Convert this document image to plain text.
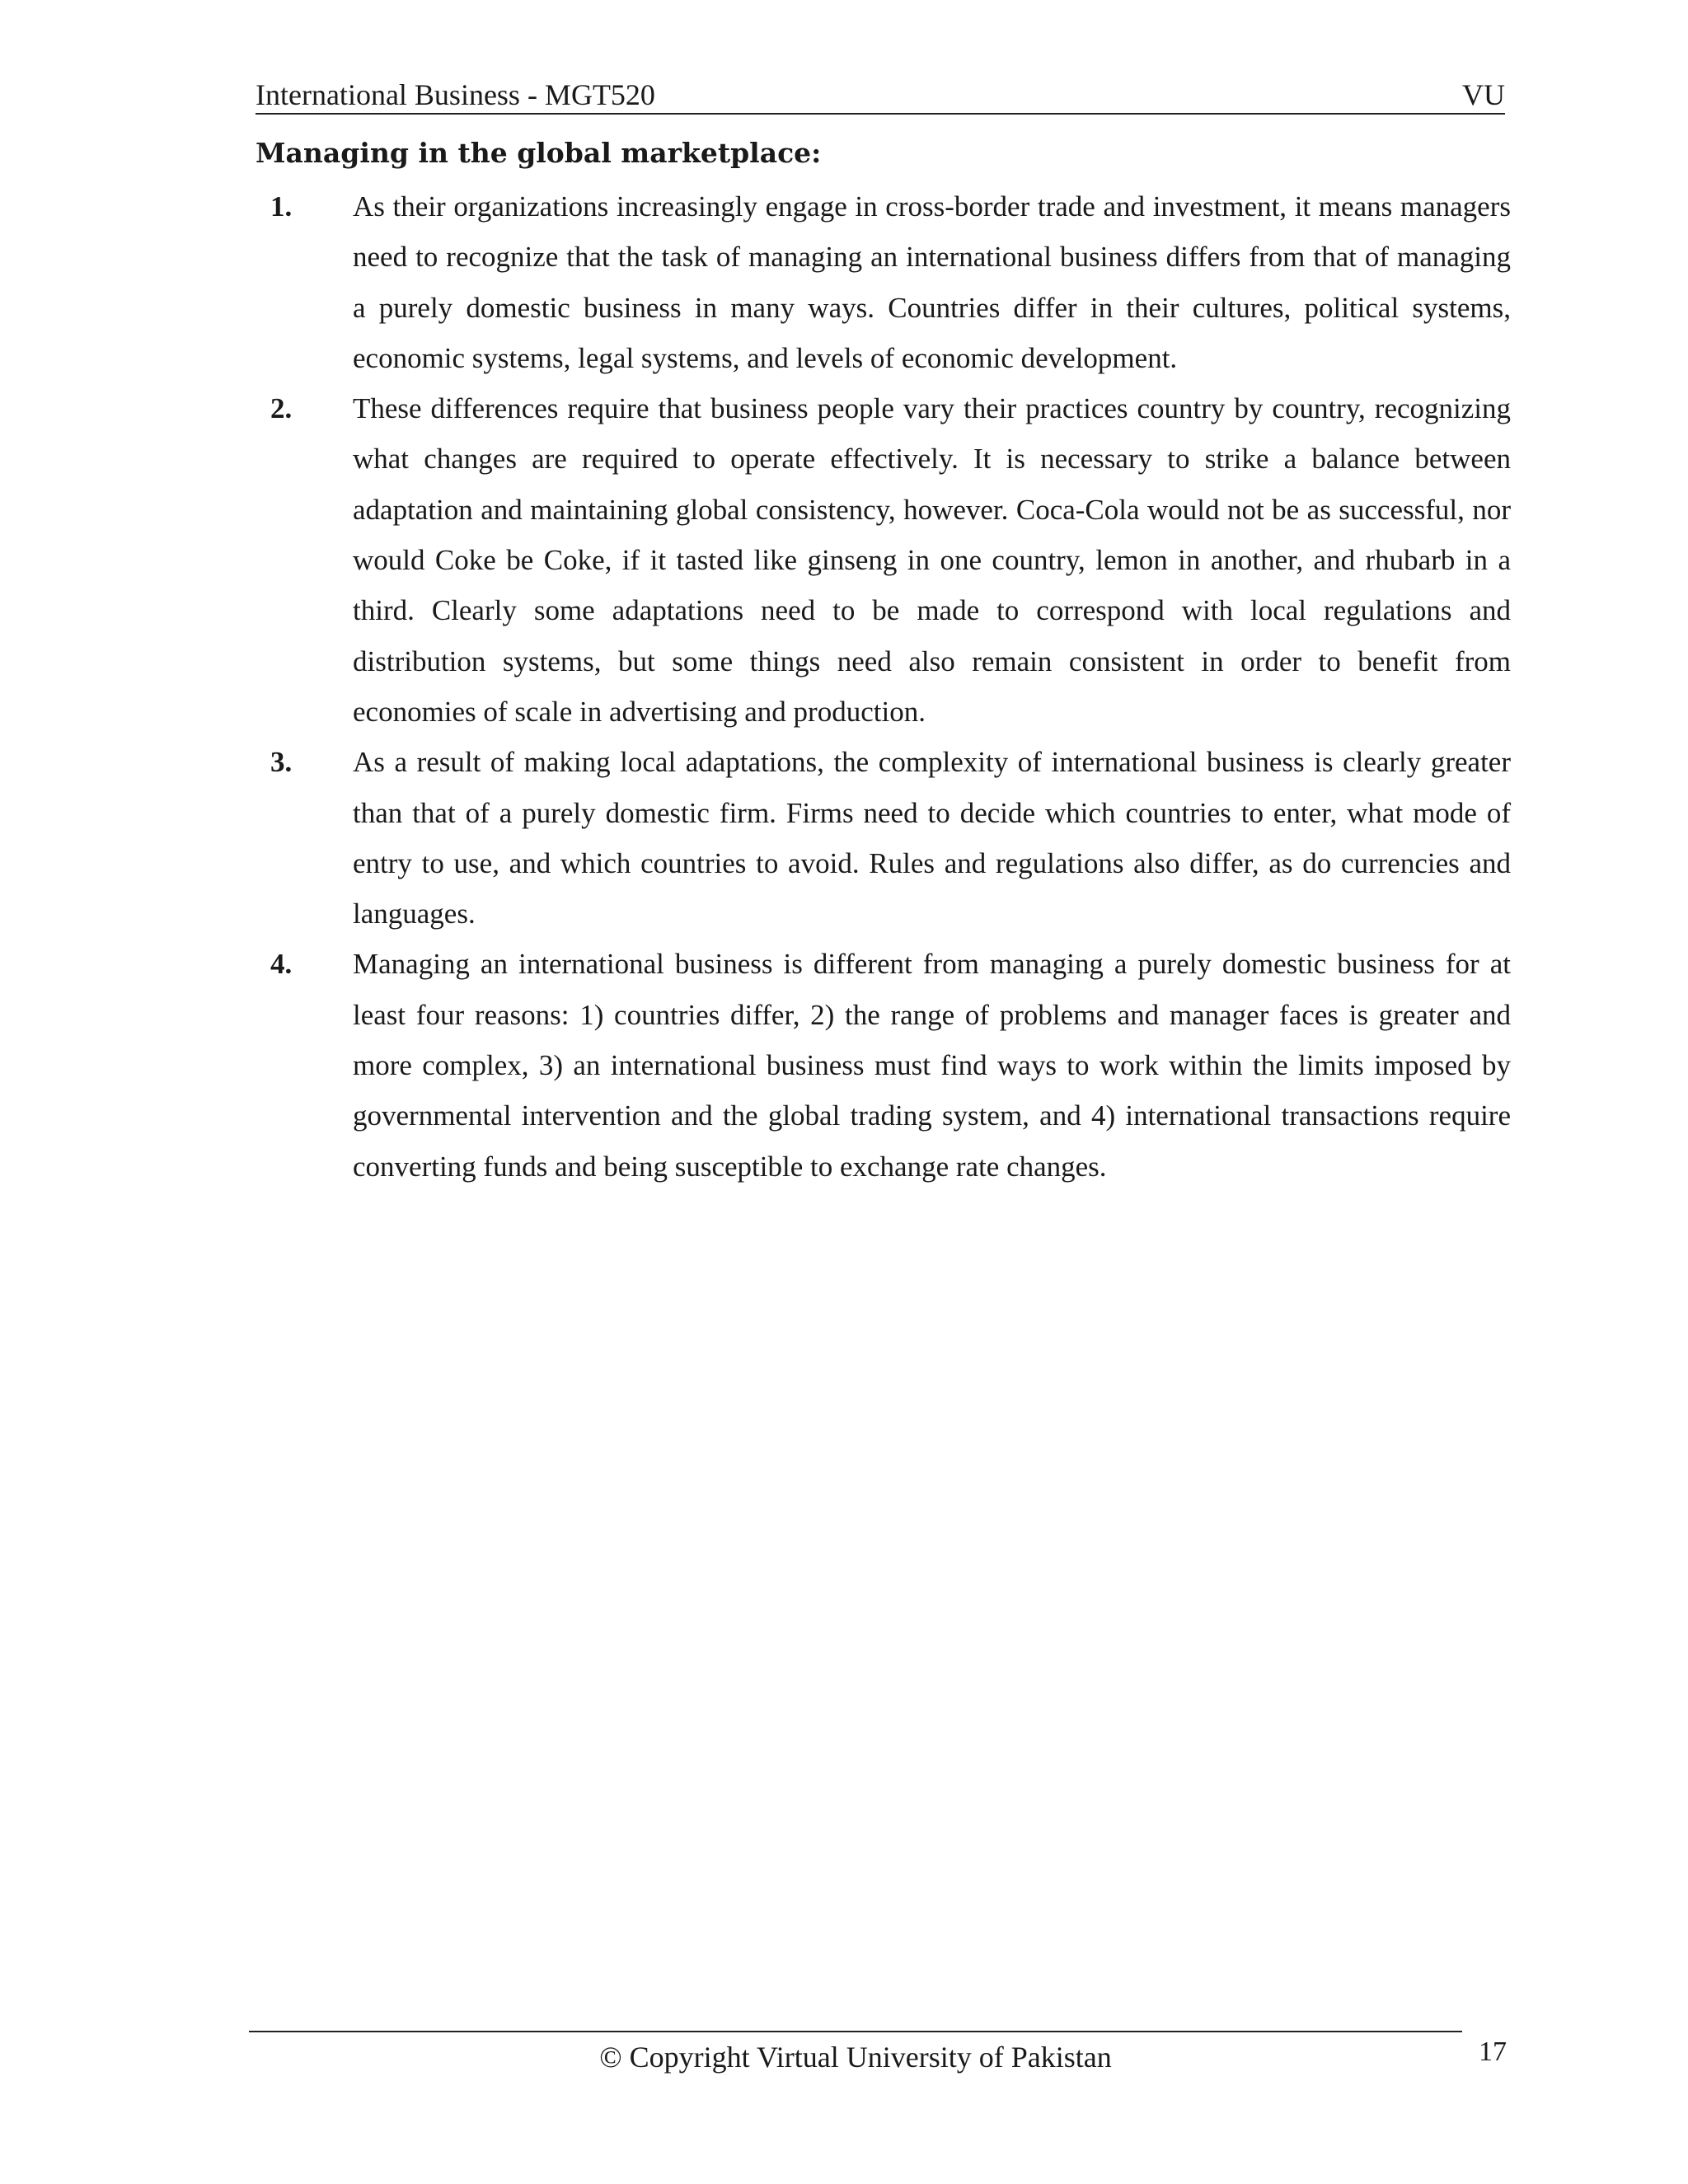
International Business - MGT520	VU
Managing in the global marketplace:
1. As their organizations increasingly engage in cross-border trade and investment, it means managers need to recognize that the task of managing an international business differs from that of managing a purely domestic business in many ways. Countries differ in their cultures, political systems, economic systems, legal systems, and levels of economic development.
2. These differences require that business people vary their practices country by country, recognizing what changes are required to operate effectively. It is necessary to strike a balance between adaptation and maintaining global consistency, however. Coca-Cola would not be as successful, nor would Coke be Coke, if it tasted like ginseng in one country, lemon in another, and rhubarb in a third. Clearly some adaptations need to be made to correspond with local regulations and distribution systems, but some things need also remain consistent in order to benefit from economies of scale in advertising and production.
3. As a result of making local adaptations, the complexity of international business is clearly greater than that of a purely domestic firm. Firms need to decide which countries to enter, what mode of entry to use, and which countries to avoid. Rules and regulations also differ, as do currencies and languages.
4. Managing an international business is different from managing a purely domestic business for at least four reasons: 1) countries differ, 2) the range of problems and manager faces is greater and more complex, 3) an international business must find ways to work within the limits imposed by governmental intervention and the global trading system, and 4) international transactions require converting funds and being susceptible to exchange rate changes.
© Copyright Virtual University of Pakistan	17
